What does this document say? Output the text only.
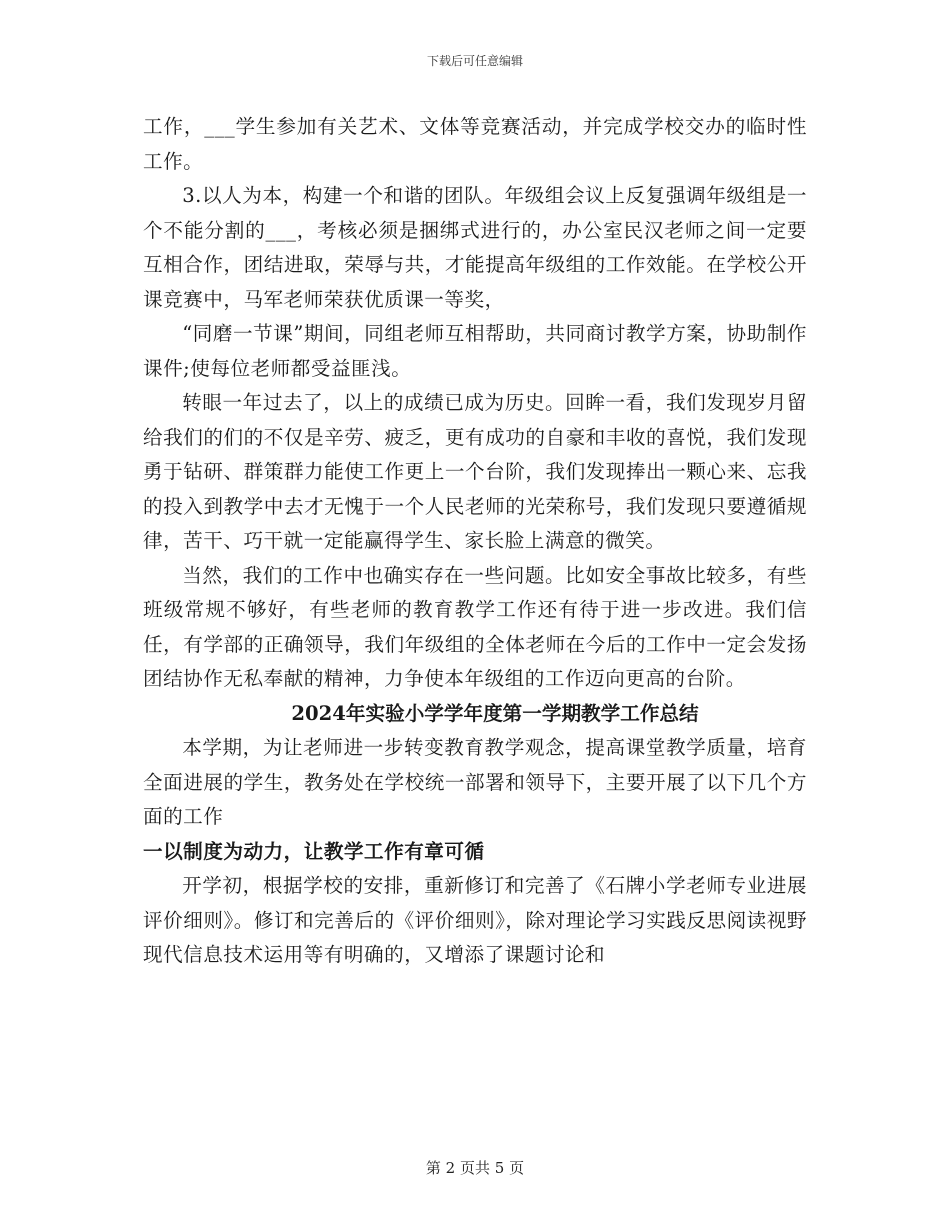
下载后可任意编辑

工作，___学生参加有关艺术、文体等竞赛活动，并完成学校交办的临时性工作。

3.以人为本，构建一个和谐的团队。年级组会议上反复强调年级组是一个不能分割的___，考核必须是捆绑式进行的，办公室民汉老师之间一定要互相合作，团结进取，荣辱与共，才能提高年级组的工作效能。在学校公开课竞赛中，马军老师荣获优质课一等奖，

“同磨一节课”期间，同组老师互相帮助，共同商讨教学方案，协助制作课件;使每位老师都受益匪浅。

转眼一年过去了，以上的成绩已成为历史。回眸一看，我们发现岁月留给我们的们的不仅是辛劳、疲乏，更有成功的自豪和丰收的喜悦，我们发现勇于钻研、群策群力能使工作更上一个台阶，我们发现捧出一颗心来、忘我的投入到教学中去才无愧于一个人民老师的光荣称号，我们发现只要遵循规律，苦干、巧干就一定能赢得学生、家长脸上满意的微笑。

当然，我们的工作中也确实存在一些问题。比如安全事故比较多，有些班级常规不够好，有些老师的教育教学工作还有待于进一步改进。我们信任，有学部的正确领导，我们年级组的全体老师在今后的工作中一定会发扬团结协作无私奉献的精神，力争使本年级组的工作迈向更高的台阶。

2024年实验小学学年度第一学期教学工作总结

本学期，为让老师进一步转变教育教学观念，提高课堂教学质量，培育全面进展的学生，教务处在学校统一部署和领导下，主要开展了以下几个方面的工作

一以制度为动力，让教学工作有章可循

开学初，根据学校的安排，重新修订和完善了《石牌小学老师专业进展评价细则》。修订和完善后的《评价细则》，除对理论学习实践反思阅读视野现代信息技术运用等有明确的，又增添了课题讨论和

第 2 页共 5 页
